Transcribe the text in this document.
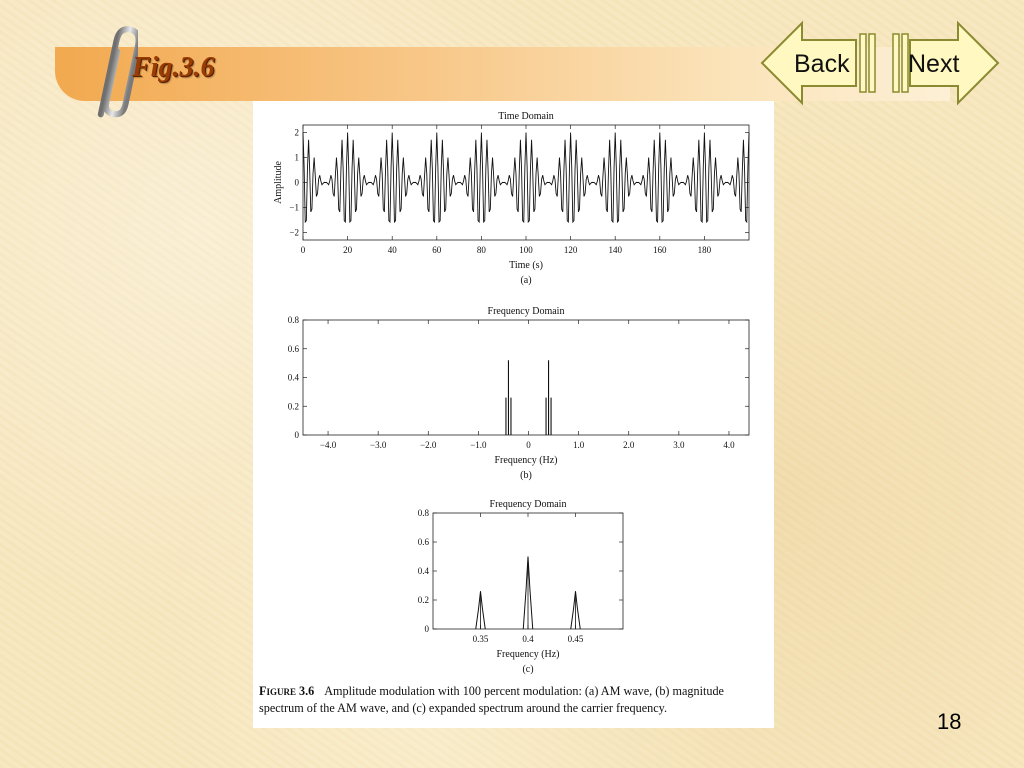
Fig.3.6	Back Next
Time Domain
0	20	40	60	80	100	120	140	160	180
−2
−1
0
1
2
Time (s)
(a)
Amplitude
Frequency Domain
−4.0	−3.0	−2.0	−1.0	0	1.0	2.0	3.0	4.0
0
0.2
0.4
0.6
0.8
Frequency (Hz)
(b)
Frequency Domain
0.35	0.4	0.45
0
0.2
0.4
0.6
0.8
Frequency (Hz)
(c)
Figure 3.6 Amplitude modulation with 100 percent modulation: (a) AM wave, (b) magnitude spectrum of the AM wave, and (c) expanded spectrum around the carrier frequency.
18
